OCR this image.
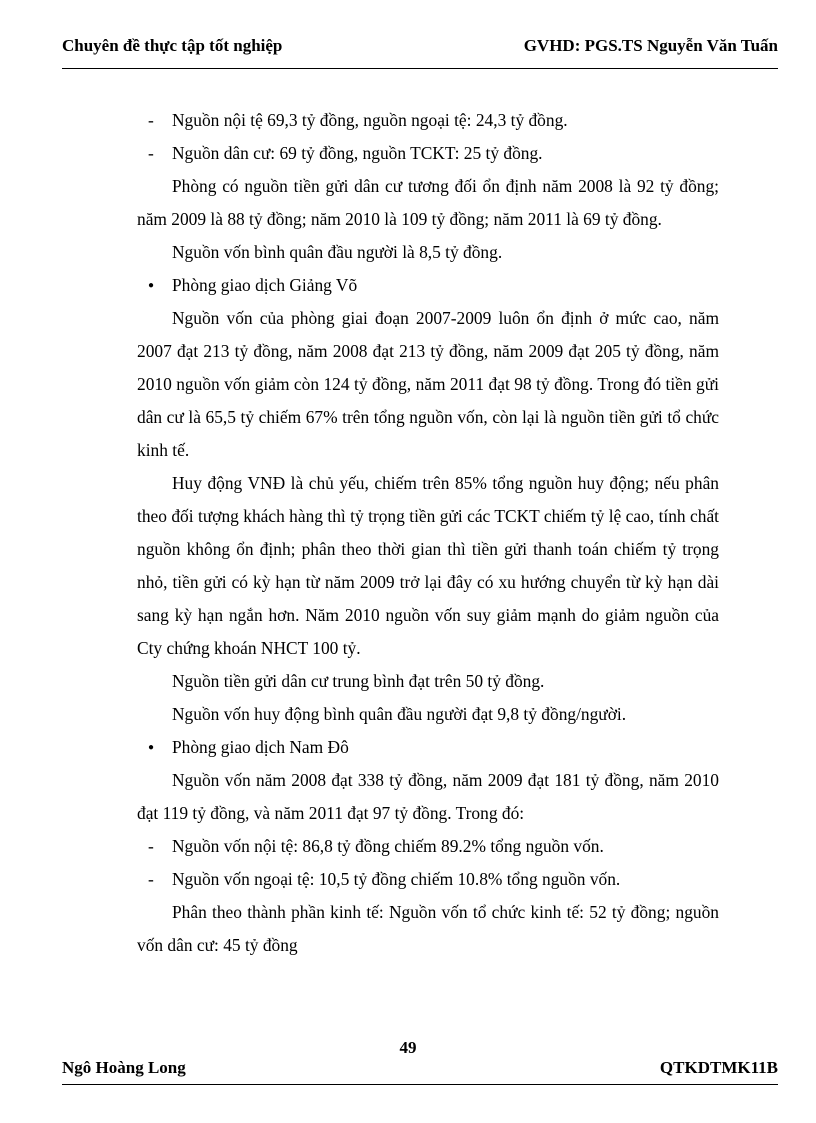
Chuyên đề thực tập tốt nghiệp	GVHD: PGS.TS Nguyễn Văn Tuấn

- Nguồn nội tệ 69,3 tỷ đồng, nguồn ngoại tệ: 24,3 tỷ đồng.

- Nguồn dân cư: 69 tỷ đồng, nguồn TCKT: 25 tỷ đồng.

Phòng có nguồn tiền gửi dân cư tương đối ổn định năm 2008 là 92 tỷ đồng; năm 2009 là 88 tỷ đồng; năm 2010 là 109 tỷ đồng; năm 2011 là 69 tỷ đồng.

Nguồn vốn bình quân đầu người là 8,5 tỷ đồng.

● Phòng giao dịch Giảng Võ

Nguồn vốn của phòng giai đoạn 2007-2009 luôn ổn định ở mức cao, năm 2007 đạt 213 tỷ đồng, năm 2008 đạt 213 tỷ đồng, năm 2009 đạt 205 tỷ đồng, năm 2010 nguồn vốn giảm còn 124 tỷ đồng, năm 2011 đạt 98 tỷ đồng. Trong đó tiền gửi dân cư là 65,5 tỷ chiếm 67% trên tổng nguồn vốn, còn lại là nguồn tiền gửi tổ chức kinh tế.

Huy động VNĐ là chủ yếu, chiếm trên 85% tổng nguồn huy động; nếu phân theo đối tượng khách hàng thì tỷ trọng tiền gửi các TCKT chiếm tỷ lệ cao, tính chất nguồn không ổn định; phân theo thời gian thì tiền gửi thanh toán chiếm tỷ trọng nhỏ, tiền gửi có kỳ hạn từ năm 2009 trở lại đây có xu hướng chuyển từ kỳ hạn dài sang kỳ hạn ngắn hơn. Năm 2010 nguồn vốn suy giảm mạnh do giảm nguồn của Cty chứng khoán NHCT 100 tỷ.

Nguồn tiền gửi dân cư trung bình đạt trên 50 tỷ đồng.

Nguồn vốn huy động bình quân đầu người đạt 9,8 tỷ đồng/người.

● Phòng giao dịch Nam Đô

Nguồn vốn năm 2008 đạt 338 tỷ đồng, năm 2009 đạt 181 tỷ đồng, năm 2010 đạt 119 tỷ đồng, và năm 2011 đạt 97 tỷ đồng. Trong đó:

- Nguồn vốn nội tệ: 86,8 tỷ đồng chiếm 89.2% tổng nguồn vốn.

- Nguồn vốn ngoại tệ: 10,5 tỷ đồng chiếm 10.8% tổng nguồn vốn.

Phân theo thành phần kinh tế: Nguồn vốn tổ chức kinh tế: 52 tỷ đồng; nguồn vốn dân cư: 45 tỷ đồng

49
Ngô Hoàng Long	QTKDTMK11B
